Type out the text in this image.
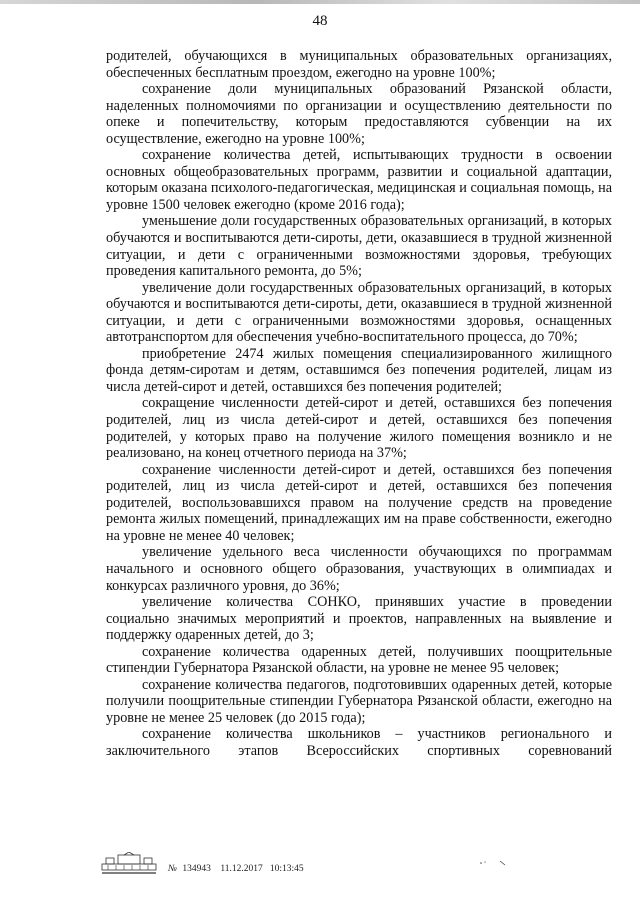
48

родителей, обучающихся в муниципальных образовательных организациях, обеспеченных бесплатным проездом, ежегодно на уровне 100%;

сохранение доли муниципальных образований Рязанской области, наделенных полномочиями по организации и осуществлению деятельности по опеке и попечительству, которым предоставляются субвенции на их осуществление, ежегодно на уровне 100%;

сохранение количества детей, испытывающих трудности в освоении основных общеобразовательных программ, развитии и социальной адаптации, которым оказана психолого-педагогическая, медицинская и социальная помощь, на уровне 1500 человек ежегодно (кроме 2016 года);

уменьшение доли государственных образовательных организаций, в которых обучаются и воспитываются дети-сироты, дети, оказавшиеся в трудной жизненной ситуации, и дети с ограниченными возможностями здоровья, требующих проведения капитального ремонта, до 5%;

увеличение доли государственных образовательных организаций, в которых обучаются и воспитываются дети-сироты, дети, оказавшиеся в трудной жизненной ситуации, и дети с ограниченными возможностями здоровья, оснащенных автотранспортом для обеспечения учебно-воспитательного процесса, до 70%;

приобретение 2474 жилых помещения специализированного жилищного фонда детям-сиротам и детям, оставшимся без попечения родителей, лицам из числа детей-сирот и детей, оставшихся без попечения родителей;

сокращение численности детей-сирот и детей, оставшихся без попечения родителей, лиц из числа детей-сирот и детей, оставшихся без попечения родителей, у которых право на получение жилого помещения возникло и не реализовано, на конец отчетного периода на 37%;

сохранение численности детей-сирот и детей, оставшихся без попечения родителей, лиц из числа детей-сирот и детей, оставшихся без попечения родителей, воспользовавшихся правом на получение средств на проведение ремонта жилых помещений, принадлежащих им на праве собственности, ежегодно на уровне не менее 40 человек;

увеличение удельного веса численности обучающихся по программам начального и основного общего образования, участвующих в олимпиадах и конкурсах различного уровня, до 36%;

увеличение количества СОНКО, принявших участие в проведении социально значимых мероприятий и проектов, направленных на выявление и поддержку одаренных детей, до 3;

сохранение количества одаренных детей, получивших поощрительные стипендии Губернатора Рязанской области, на уровне не менее 95 человек;

сохранение количества педагогов, подготовивших одаренных детей, которые получили поощрительные стипендии Губернатора Рязанской области, ежегодно на уровне не менее 25 человек (до 2015 года);

сохранение количества школьников – участников регионального и заключительного этапов Всероссийских спортивных соревнований

№ 134943 11.12.2017 10:13:45
